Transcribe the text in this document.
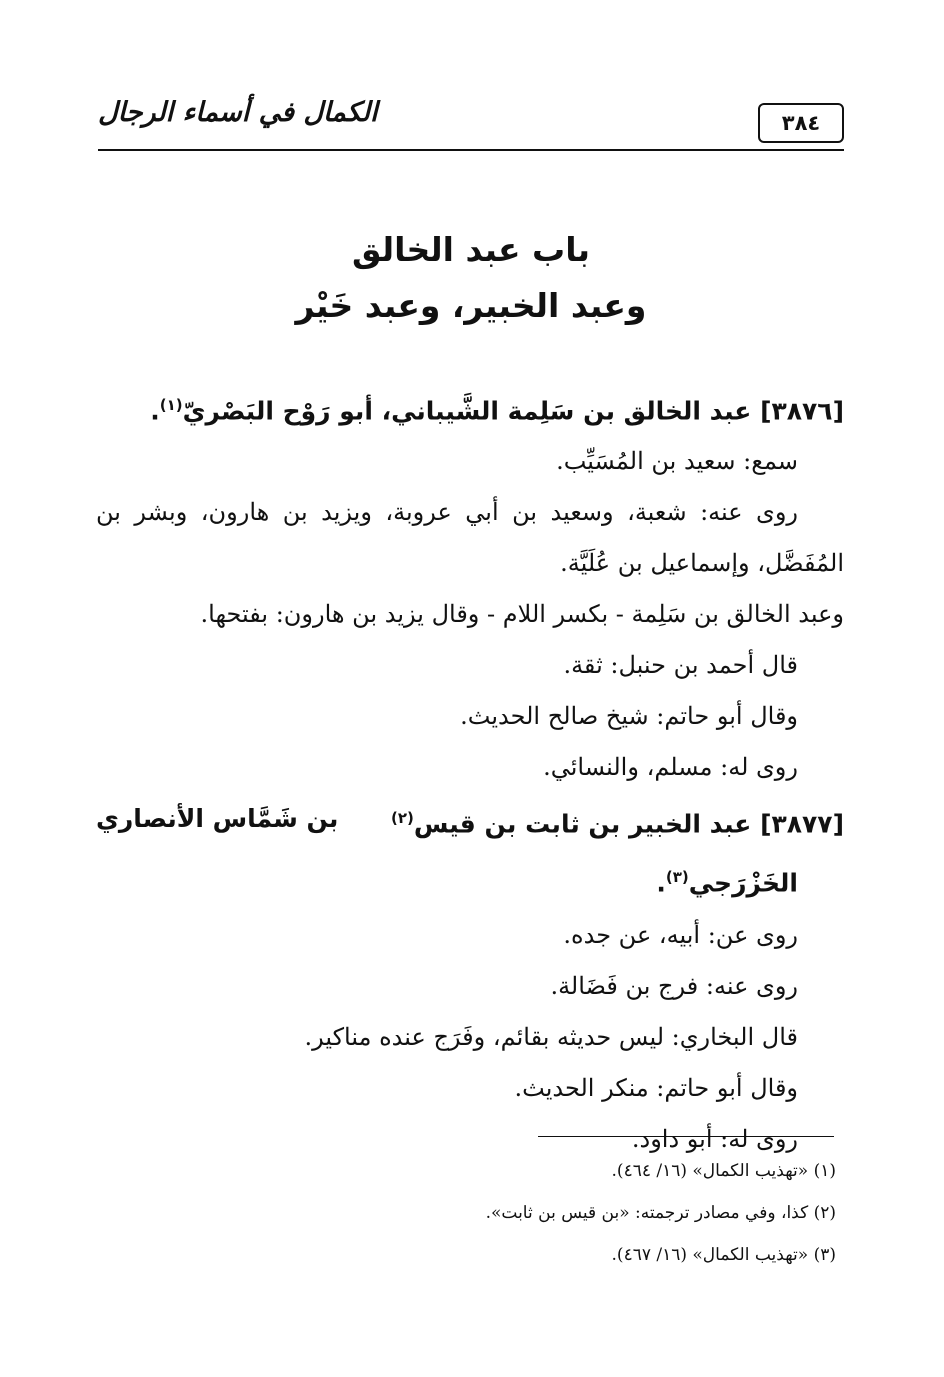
٣٨٤
الكمال في أسماء الرجال
باب عبد الخالق
وعبد الخبير، وعبد خَيْر
[٣٨٧٦] عبد الخالق بن سَلِمة الشَّيباني، أبو رَوْح البَصْريّ$^{(١)}$.
سمع: سعيد بن المُسَيِّب.
روى عنه: شعبة، وسعيد بن أبي عروبة، ويزيد بن هارون، وبشر بن
المُفَضَّل، وإسماعيل بن عُلَيَّة.
وعبد الخالق بن سَلِمة - بكسر اللام - وقال يزيد بن هارون: بفتحها.
قال أحمد بن حنبل: ثقة.
وقال أبو حاتم: شيخ صالح الحديث.
روى له: مسلم، والنسائي.
[٣٨٧٧] عبد الخبير بن ثابت بن قيس$^{(٢)}$
بن شَمَّاس الأنصاري
الخَزْرَجي$^{(٣)}$.
روى عن: أبيه، عن جده.
روى عنه: فرج بن فَضَالة.
قال البخاري: ليس حديثه بقائم، وفَرَج عنده مناكير.
وقال أبو حاتم: منكر الحديث.
روى له: أبو داود.
(١) «تهذيب الكمال» (١٦/ ٤٦٤).
(٢) كذا، وفي مصادر ترجمته: «بن قيس بن ثابت».
(٣) «تهذيب الكمال» (١٦/ ٤٦٧).
